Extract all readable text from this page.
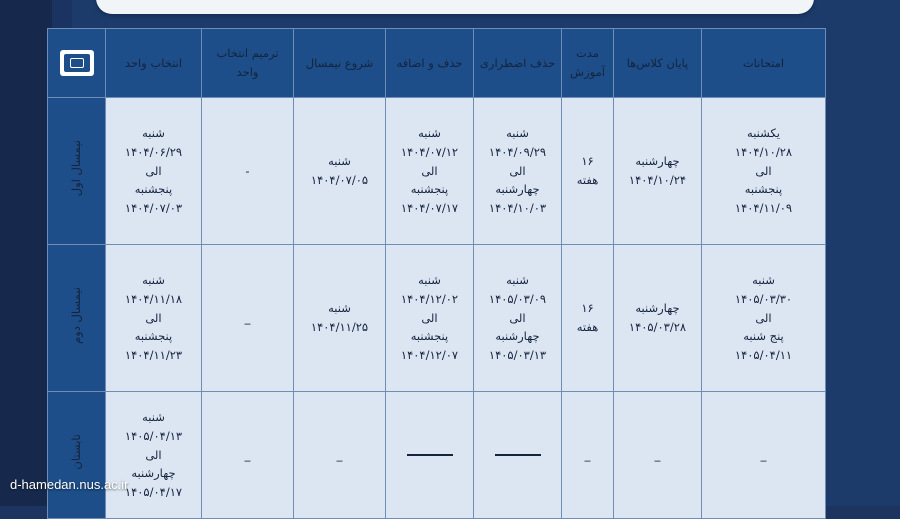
امتحانات	پایان کلاس‌ها	مدت آموزش	حذف اضطراری	حذف و اضافه	شروع نیمسال	ترمیم انتخاب واحد	انتخاب واحد	

یکشنبه
۱۴۰۴/۱۰/۲۸
الی
پنجشنبه
۱۴۰۴/۱۱/۰۹	چهارشنبه
۱۴۰۴/۱۰/۲۴	۱۶
هفته	شنبه
۱۴۰۴/۰۹/۲۹
الی
چهارشنبه
۱۴۰۴/۱۰/۰۳	شنبه
۱۴۰۴/۰۷/۱۲
الی
پنجشنبه
۱۴۰۴/۰۷/۱۷	شنبه
۱۴۰۴/۰۷/۰۵	-	شنبه
۱۴۰۴/۰۶/۲۹
الی
پنجشنبه
۱۴۰۴/۰۷/۰۳	نیمسال اول

شنبه
۱۴۰۵/۰۳/۳۰
الی
پنج شنبه
۱۴۰۵/۰۴/۱۱	چهارشنبه
۱۴۰۵/۰۳/۲۸	۱۶
هفته	شنبه
۱۴۰۵/۰۳/۰۹
الی
چهارشنبه
۱۴۰۵/۰۳/۱۳	شنبه
۱۴۰۴/۱۲/۰۲
الی
پنجشنبه
۱۴۰۴/۱۲/۰۷	شنبه
۱۴۰۴/۱۱/۲۵	_	شنبه
۱۴۰۴/۱۱/۱۸
الی
پنجشنبه
۱۴۰۴/۱۱/۲۳	نیمسال دوم
_	_	_			_	_	شنبه
۱۴۰۵/۰۴/۱۳
الی
چهارشنبه
۱۴۰۵/۰۴/۱۷	تابستان
d-hamedan.nus.ac.ir
